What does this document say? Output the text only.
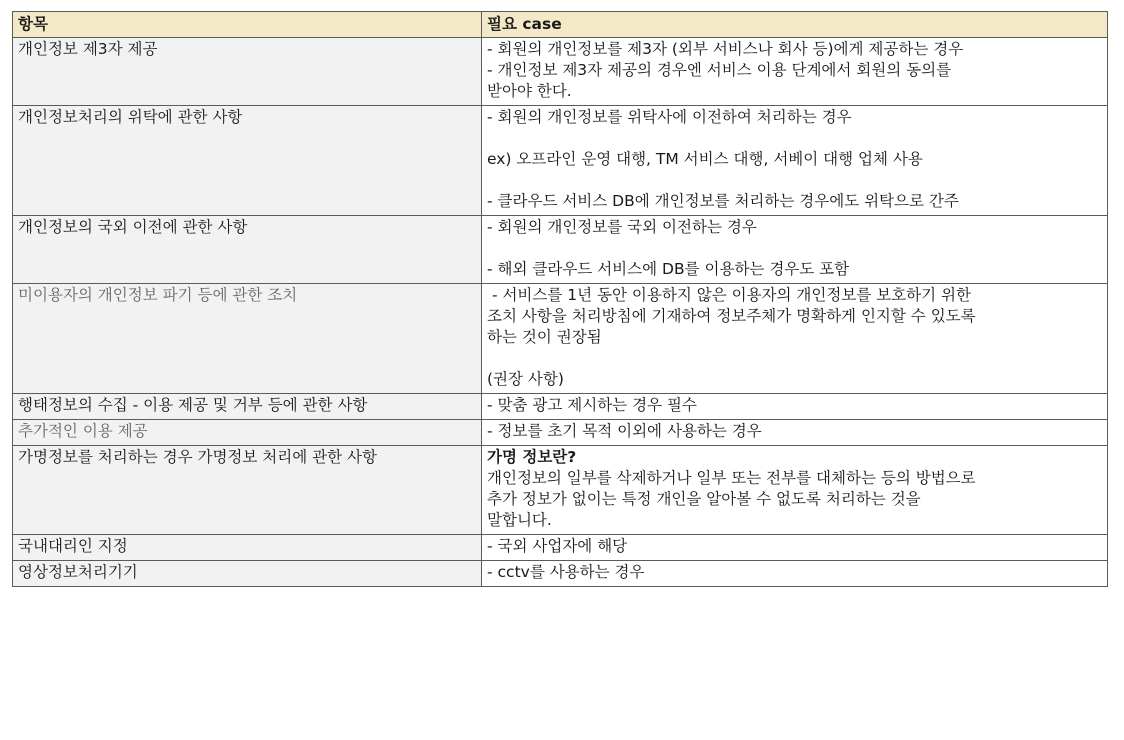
항목	필요 case
개인정보 제3자 제공	- 회원의 개인정보를 제3자 (외부 서비스나 회사 등)에게 제공하는 경우
- 개인정보 제3자 제공의 경우엔 서비스 이용 단계에서 회원의 동의를
받아야 한다.

개인정보처리의 위탁에 관한 사항	- 회원의 개인정보를 위탁사에 이전하여 처리하는 경우
ex) 오프라인 운영 대행, TM 서비스 대행, 서베이 대행 업체 사용
- 클라우드 서비스 DB에 개인정보를 처리하는 경우에도 위탁으로 간주

개인정보의 국외 이전에 관한 사항	- 회원의 개인정보를 국외 이전하는 경우
- 해외 클라우드 서비스에 DB를 이용하는 경우도 포함

미이용자의 개인정보 파기 등에 관한 조치	- 서비스를 1년 동안 이용하지 않은 이용자의 개인정보를 보호하기 위한
조치 사항을 처리방침에 기재하여 정보주체가 명확하게 인지할 수 있도록
하는 것이 권장됨
(권장 사항)

행태정보의 수집 - 이용 제공 및 거부 등에 관한 사항	- 맞춤 광고 제시하는 경우 필수

추가적인 이용 제공	- 정보를 초기 목적 이외에 사용하는 경우

가명정보를 처리하는 경우 가명정보 처리에 관한 사항	가명 정보란?
개인정보의 일부를 삭제하거나 일부 또는 전부를 대체하는 등의 방법으로
추가 정보가 없이는 특정 개인을 알아볼 수 없도록 처리하는 것을
말합니다.

국내대리인 지정	- 국외 사업자에 해당

영상정보처리기기	- cctv를 사용하는 경우
